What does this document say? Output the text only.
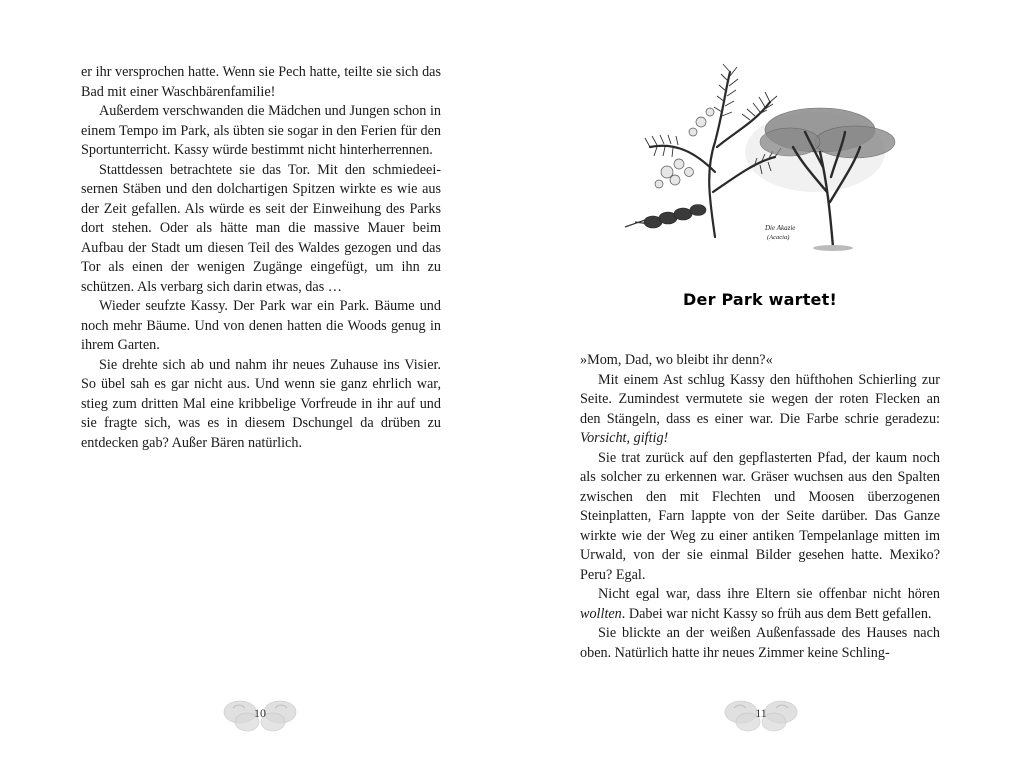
er ihr versprochen hatte. Wenn sie Pech hatte, teilte sie sich das Bad mit einer Waschbärenfamilie!

Außerdem verschwanden die Mädchen und Jungen schon in einem Tempo im Park, als übten sie sogar in den Ferien für den Sportunterricht. Kassy würde bestimmt nicht hinterherrennen.

Stattdessen betrachtete sie das Tor. Mit den schmiedeeisernen Stäben und den dolchartigen Spitzen wirkte es wie aus der Zeit gefallen. Als würde es seit der Einweihung des Parks dort stehen. Oder als hätte man die massive Mauer beim Aufbau der Stadt um diesen Teil des Waldes gezogen und das Tor als einen der wenigen Zugänge eingefügt, um ihn zu schützen. Als verbarg sich darin etwas, das …

Wieder seufzte Kassy. Der Park war ein Park. Bäume und noch mehr Bäume. Und von denen hatten die Woods genug in ihrem Garten.

Sie drehte sich ab und nahm ihr neues Zuhause ins Visier. So übel sah es gar nicht aus. Und wenn sie ganz ehrlich war, stieg zum dritten Mal eine kribbelige Vorfreude in ihr auf und sie fragte sich, was es in diesem Dschungel da drüben zu entdecken gab? Außer Bären natürlich.

10
Die Akazie
(Acacia)
Der Park wartet!

»Mom, Dad, wo bleibt ihr denn?«

Mit einem Ast schlug Kassy den hüfthohen Schierling zur Seite. Zumindest vermutete sie wegen der roten Flecken an den Stängeln, dass es einer war. Die Farbe schrie geradezu: Vorsicht, giftig!

Sie trat zurück auf den gepflasterten Pfad, der kaum noch als solcher zu erkennen war. Gräser wuchsen aus den Spalten zwischen den mit Flechten und Moosen überzogenen Steinplatten, Farn lappte von der Seite darüber. Das Ganze wirkte wie der Weg zu einer antiken Tempelanlage mitten im Urwald, von der sie einmal Bilder gesehen hatte. Mexiko? Peru? Egal.

Nicht egal war, dass ihre Eltern sie offenbar nicht hören wollten. Dabei war nicht Kassy so früh aus dem Bett gefallen.

Sie blickte an der weißen Außenfassade des Hauses nach oben. Natürlich hatte ihr neues Zimmer keine Schling-

11
